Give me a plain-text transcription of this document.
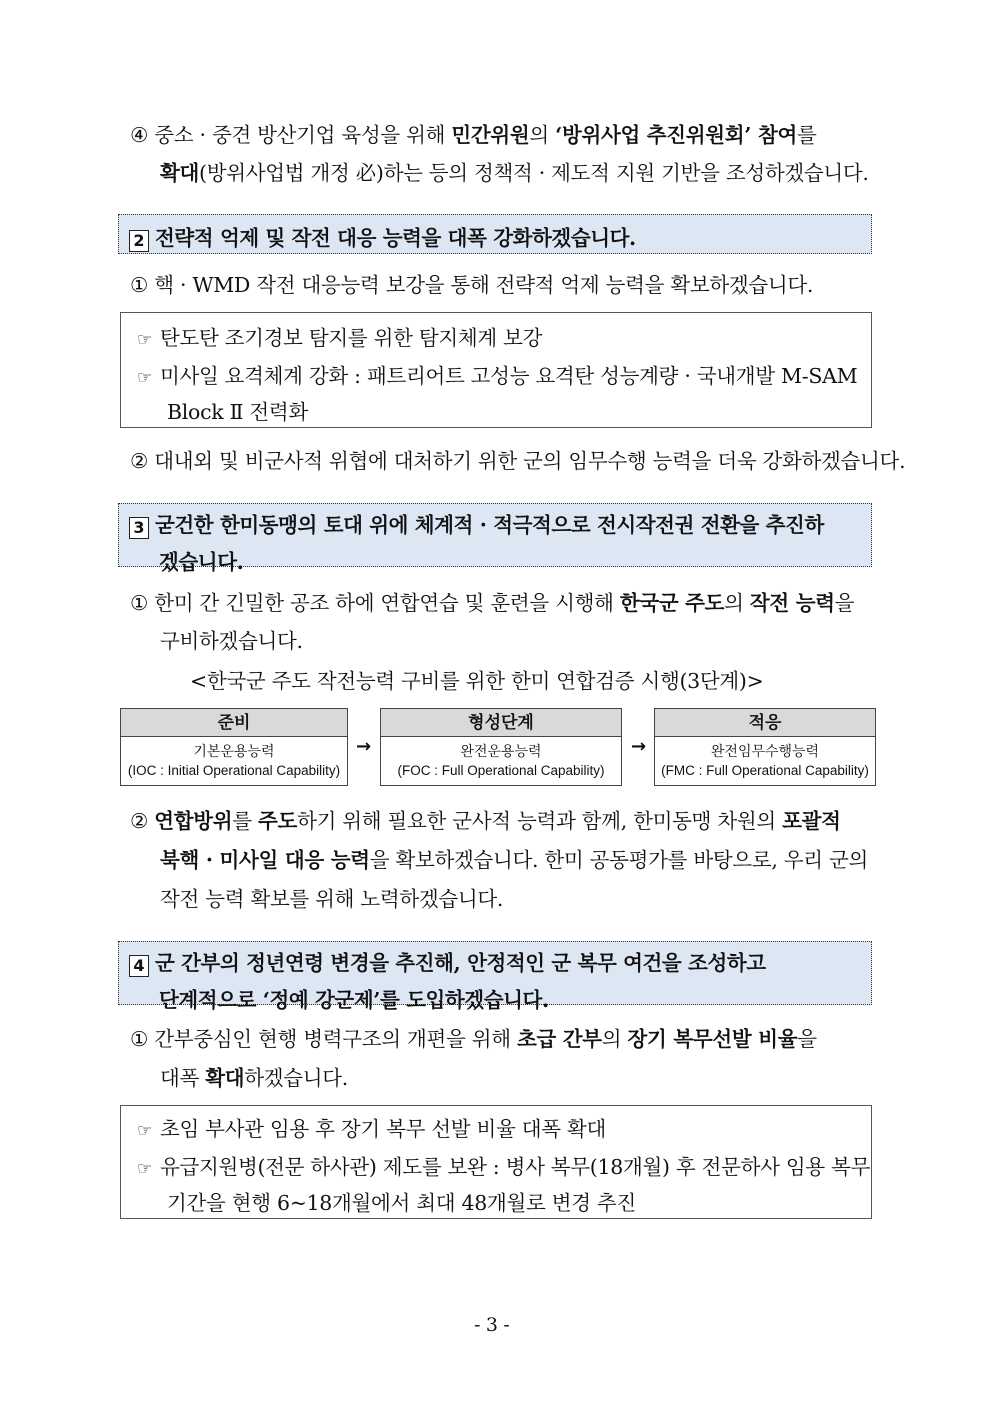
④ 중소 · 중견 방산기업 육성을 위해 민간위원의 ‘방위사업 추진위원회’ 참여를
확대(방위사업법 개정 必)하는 등의 정책적 · 제도적 지원 기반을 조성하겠습니다.
2 전략적 억제 및 작전 대응 능력을 대폭 강화하겠습니다.
① 핵 · WMD 작전 대응능력 보강을 통해 전략적 억제 능력을 확보하겠습니다.
☞ 탄도탄 조기경보 탐지를 위한 탐지체계 보강
☞ 미사일 요격체계 강화 : 패트리어트 고성능 요격탄 성능계량 · 국내개발 M-SAM
Block Ⅱ 전력화
② 대내외 및 비군사적 위협에 대처하기 위한 군의 임무수행 능력을 더욱 강화하겠습니다.
3 굳건한 한미동맹의 토대 위에 체계적 · 적극적으로 전시작전권 전환을 추진하
겠습니다.
① 한미 간 긴밀한 공조 하에 연합연습 및 훈련을 시행해 한국군 주도의 작전 능력을
구비하겠습니다.
<한국군 주도 작전능력 구비를 위한 한미 연합검증 시행(3단계)>
준비
기본운용능력
(IOC : Initial Operational Capability)
→
형성단계
완전운용능력
(FOC : Full Operational Capability)
→
적응
완전임무수행능력
(FMC : Full Operational Capability)
② 연합방위를 주도하기 위해 필요한 군사적 능력과 함께, 한미동맹 차원의 포괄적
북핵 · 미사일 대응 능력을 확보하겠습니다. 한미 공동평가를 바탕으로, 우리 군의
작전 능력 확보를 위해 노력하겠습니다.
4 군 간부의 정년연령 변경을 추진해, 안정적인 군 복무 여건을 조성하고
단계적으로 ‘정예 강군제’를 도입하겠습니다.
① 간부중심인 현행 병력구조의 개편을 위해 초급 간부의 장기 복무선발 비율을
대폭 확대하겠습니다.
☞ 초임 부사관 임용 후 장기 복무 선발 비율 대폭 확대
☞ 유급지원병(전문 하사관) 제도를 보완 : 병사 복무(18개월) 후 전문하사 임용 복무
기간을 현행 6~18개월에서 최대 48개월로 변경 추진
- 3 -
